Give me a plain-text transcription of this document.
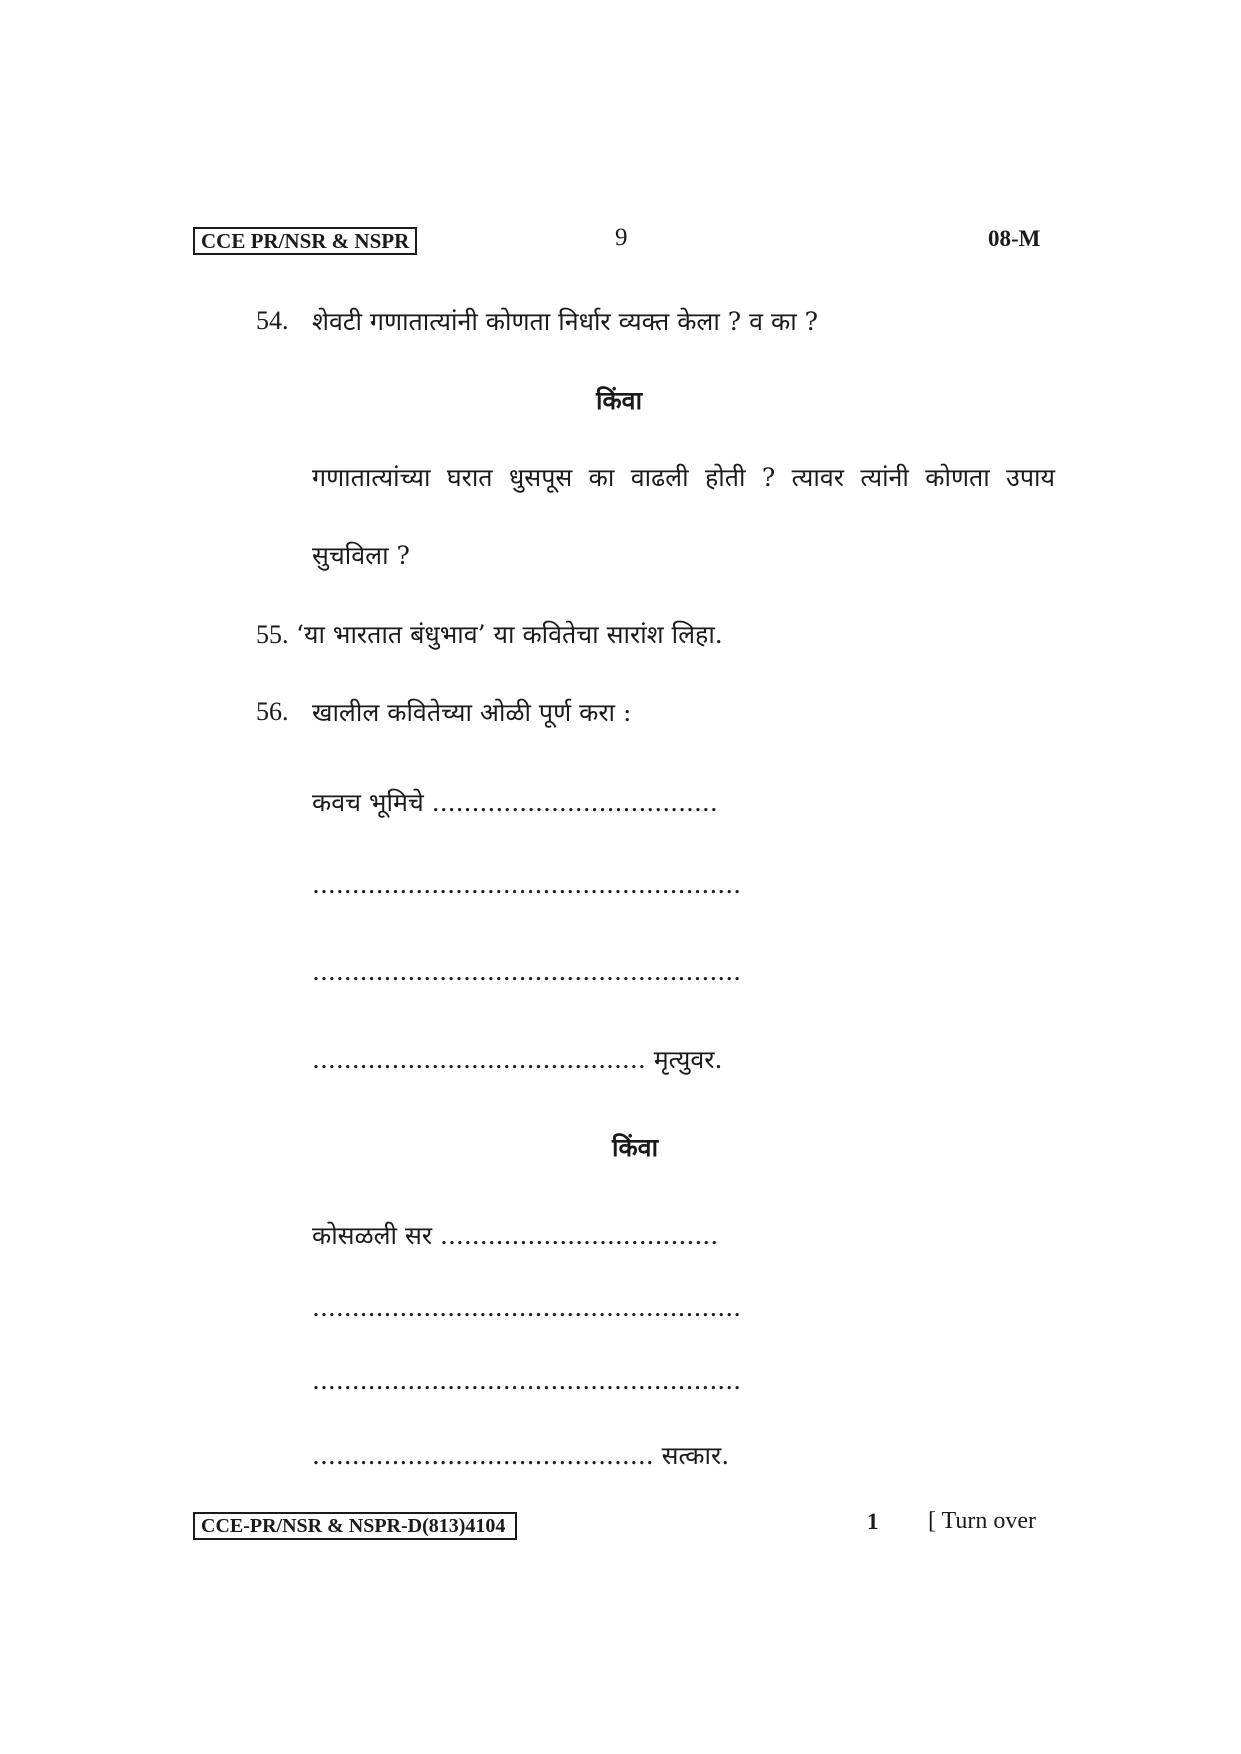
CCE PR/NSR & NSPR	9	08-M
54. शेवटी गणातात्यांनी कोणता निर्धार व्यक्त केला ? व का ?
किंवा
गणातात्यांच्या घरात धुसपूस का वाढली होती ? त्यावर त्यांनी कोणता उपाय
सुचविला ?
55. ‘या भारतात बंधुभाव’ या कवितेचा सारांश लिहा.
56. खालील कवितेच्या ओळी पूर्ण करा :
कवच भूमिचे ....................................
......................................................
......................................................
.......................................... मृत्युवर.
किंवा
कोसळली सर ...................................
......................................................
......................................................
........................................... सत्कार.
CCE-PR/NSR & NSPR-D(813)4104	1 [ Turn over
